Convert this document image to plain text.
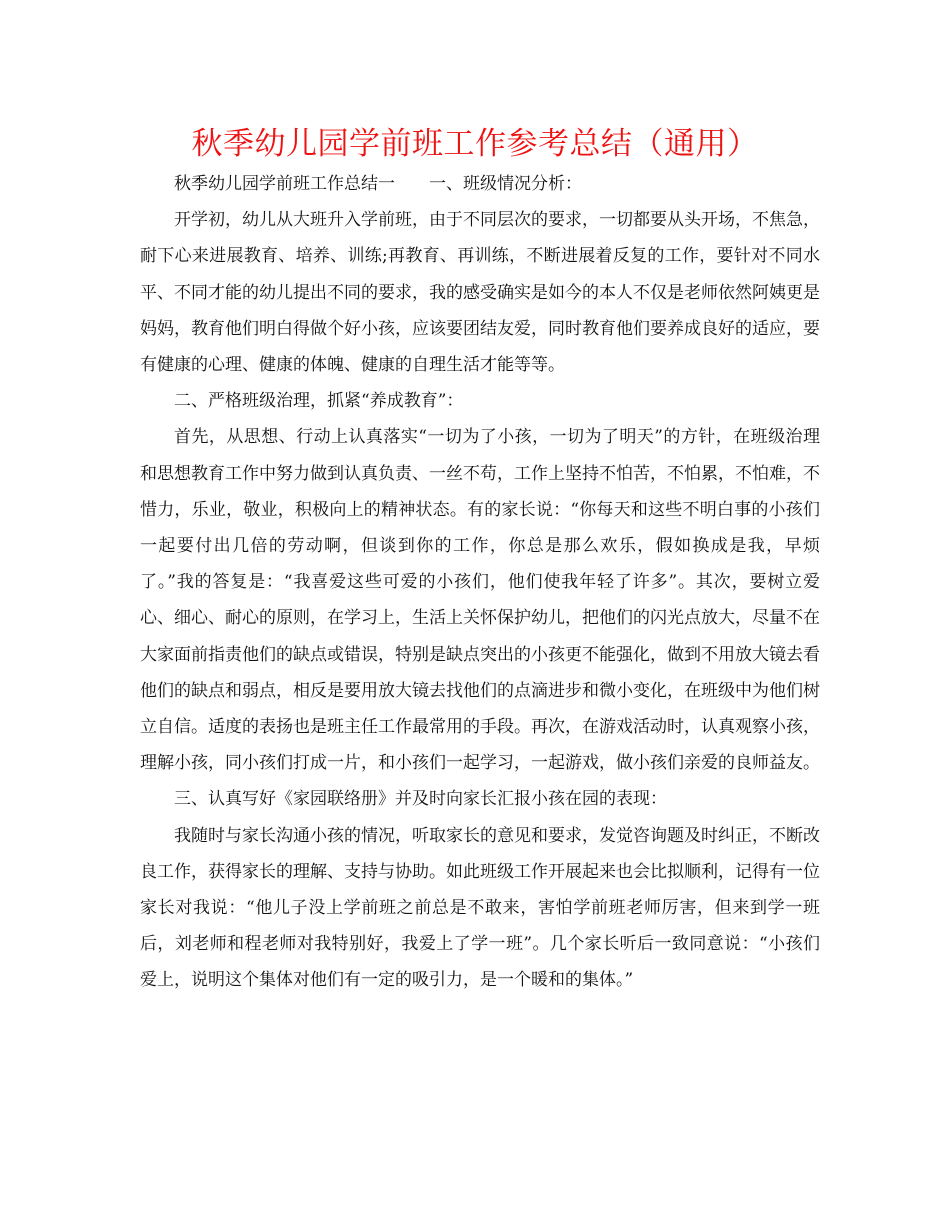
秋季幼儿园学前班工作参考总结（通用）

秋季幼儿园学前班工作总结一　　一、班级情况分析：

开学初，幼儿从大班升入学前班，由于不同层次的要求，一切都要从头开场，不焦急，耐下心来进展教育、培养、训练;再教育、再训练，不断进展着反复的工作，要针对不同水平、不同才能的幼儿提出不同的要求，我的感受确实是如今的本人不仅是老师依然阿姨更是妈妈，教育他们明白得做个好小孩，应该要团结友爱，同时教育他们要养成良好的适应，要有健康的心理、健康的体魄、健康的自理生活才能等等。

二、严格班级治理，抓紧“养成教育”：

首先，从思想、行动上认真落实“一切为了小孩，一切为了明天”的方针，在班级治理和思想教育工作中努力做到认真负责、一丝不苟，工作上坚持不怕苦，不怕累，不怕难，不惜力，乐业，敬业，积极向上的精神状态。有的家长说：“你每天和这些不明白事的小孩们一起要付出几倍的劳动啊，但谈到你的工作，你总是那么欢乐，假如换成是我，早烦了。”我的答复是：“我喜爱这些可爱的小孩们，他们使我年轻了许多”。其次，要树立爱心、细心、耐心的原则，在学习上，生活上关怀保护幼儿，把他们的闪光点放大，尽量不在大家面前指责他们的缺点或错误，特别是缺点突出的小孩更不能强化，做到不用放大镜去看他们的缺点和弱点，相反是要用放大镜去找他们的点滴进步和微小变化，在班级中为他们树立自信。适度的表扬也是班主任工作最常用的手段。再次，在游戏活动时，认真观察小孩，理解小孩，同小孩们打成一片，和小孩们一起学习，一起游戏，做小孩们亲爱的良师益友。

三、认真写好《家园联络册》并及时向家长汇报小孩在园的表现：

我随时与家长沟通小孩的情况，听取家长的意见和要求，发觉咨询题及时纠正，不断改良工作，获得家长的理解、支持与协助。如此班级工作开展起来也会比拟顺利，记得有一位家长对我说：“他儿子没上学前班之前总是不敢来，害怕学前班老师厉害，但来到学一班后，刘老师和程老师对我特别好，我爱上了学一班”。几个家长听后一致同意说：“小孩们爱上，说明这个集体对他们有一定的吸引力，是一个暖和的集体。”
